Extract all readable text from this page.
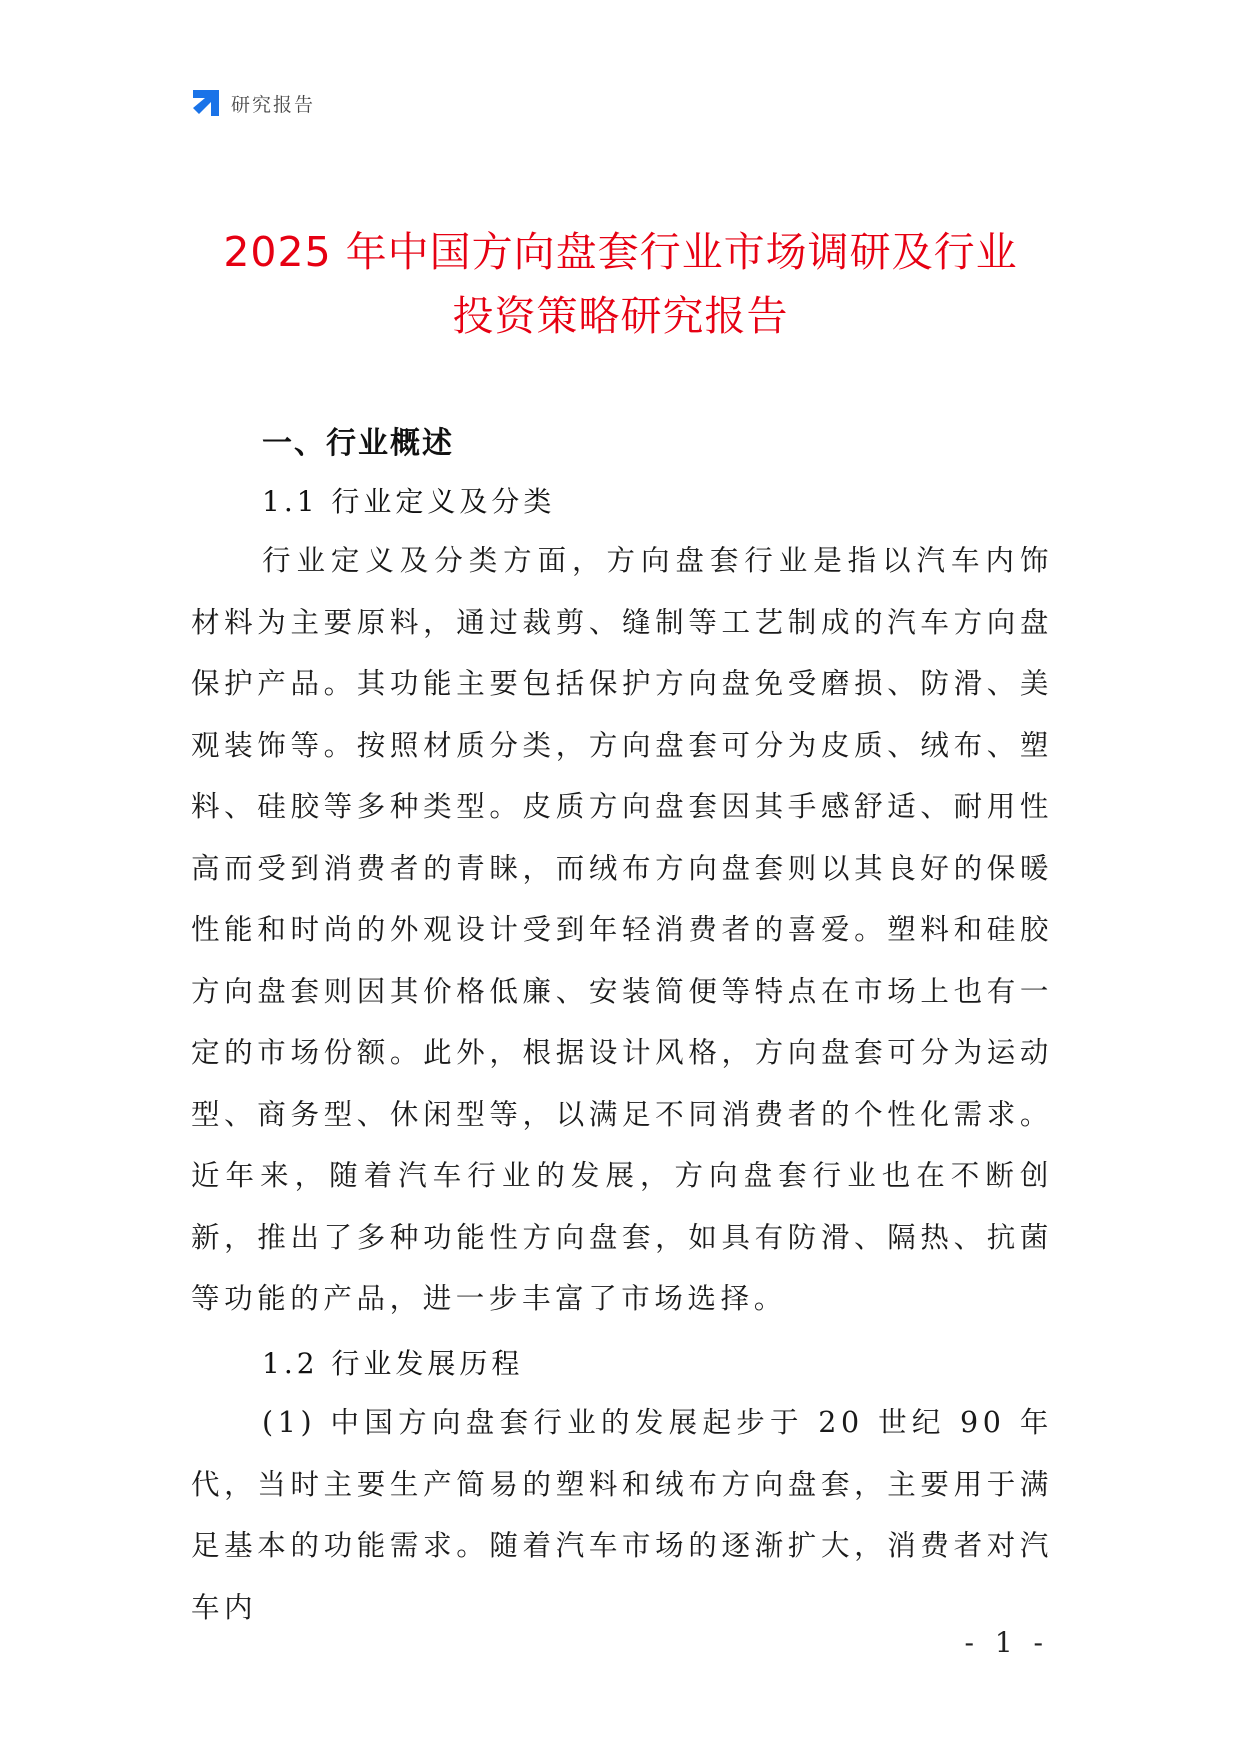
研究报告
2025 年中国方向盘套行业市场调研及行业
投资策略研究报告
一、行业概述
1.1 行业定义及分类

行业定义及分类方面，方向盘套行业是指以汽车内饰材料为主要原料，通过裁剪、缝制等工艺制成的汽车方向盘保护产品。其功能主要包括保护方向盘免受磨损、防滑、美观装饰等。按照材质分类，方向盘套可分为皮质、绒布、塑料、硅胶等多种类型。皮质方向盘套因其手感舒适、耐用性高而受到消费者的青睐，而绒布方向盘套则以其良好的保暖性能和时尚的外观设计受到年轻消费者的喜爱。塑料和硅胶方向盘套则因其价格低廉、安装简便等特点在市场上也有一定的市场份额。此外，根据设计风格，方向盘套可分为运动型、商务型、休闲型等，以满足不同消费者的个性化需求。近年来，随着汽车行业的发展，方向盘套行业也在不断创新，推出了多种功能性方向盘套，如具有防滑、隔热、抗菌等功能的产品，进一步丰富了市场选择。

1.2 行业发展历程

(1) 中国方向盘套行业的发展起步于 20 世纪 90 年代，当时主要生产简易的塑料和绒布方向盘套，主要用于满足基本的功能需求。随着汽车市场的逐渐扩大，消费者对汽车内

- 1 -
